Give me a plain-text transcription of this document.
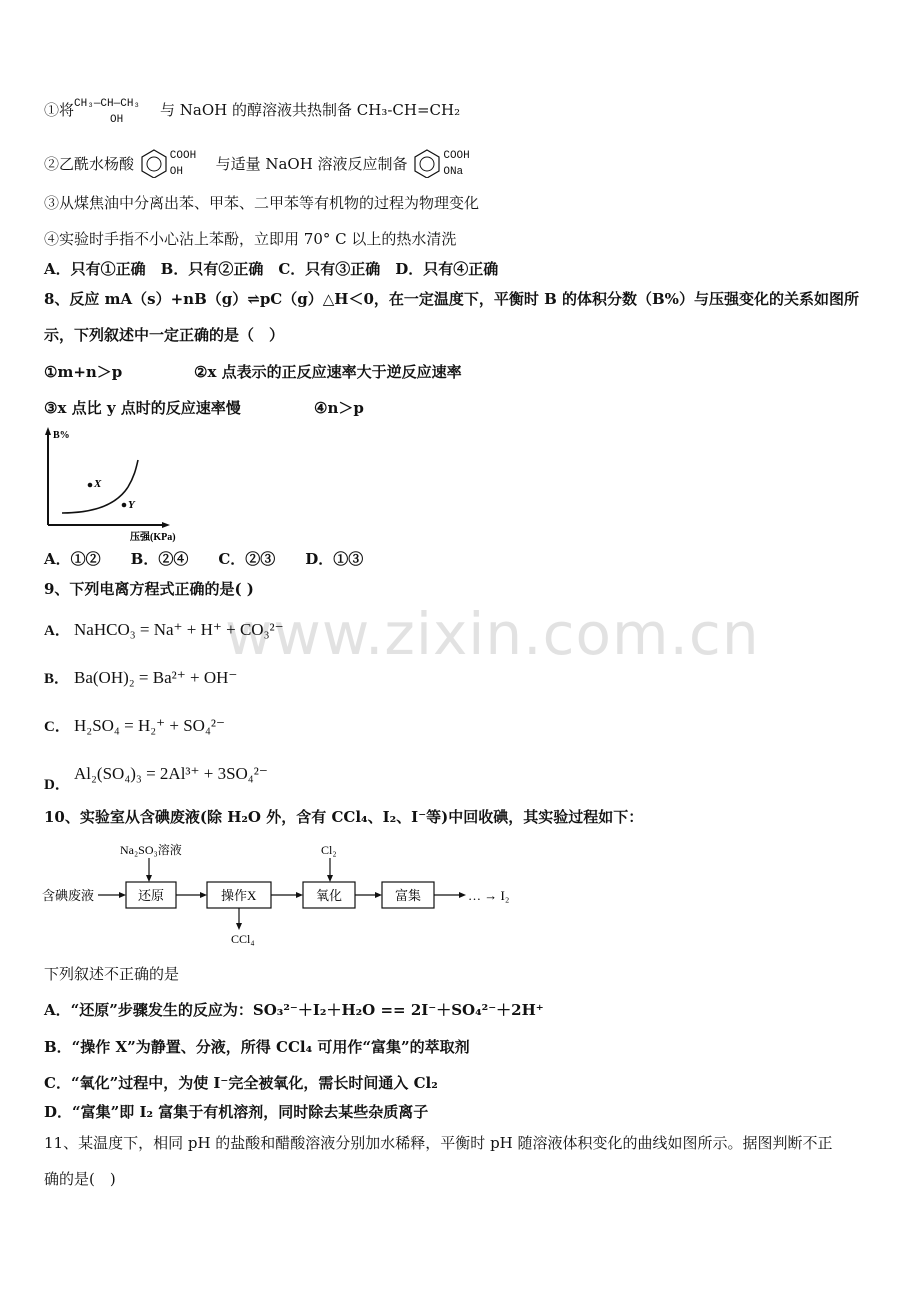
www.zixin.com.cn
①将 CH₃—CH—CH₃
OH
与 NaOH 的醇溶液共热制备 CH₃-CH=CH₂
②乙酰水杨酸	COOH
OH 与适量 NaOH 溶液反应制备	COOH
ONa
③从煤焦油中分离出苯、甲苯、二甲苯等有机物的过程为物理变化
④实验时手指不小心沾上苯酚，立即用 70° C 以上的热水清洗
A．只有①正确　B．只有②正确　C．只有③正确　D．只有④正确
8、反应 mA（s）+nB（g）⇌pC（g）△H＜0，在一定温度下，平衡时 B 的体积分数（B%）与压强变化的关系如图所
示，下列叙述中一定正确的是（　）
①m+n＞p	②x 点表示的正反应速率大于逆反应速率
③x 点比 y 点时的反应速率慢	④n＞p
B%
X
Y
压强(KPa)
A．①②　　B．②④　　C．②③　　D．①③
9、下列电离方程式正确的是( )
A． NaHCO₃ = Na⁺ + H⁺ + CO₃²⁻
B． Ba(OH)₂ = Ba²⁺ + OH⁻
C． H₂SO₄ = H₂⁺ + SO₄²⁻
D．Al₂(SO₄)₃ = 2Al³⁺ + 3SO₄²⁻
10、实验室从含碘废液(除 H₂O 外，含有 CCl₄、I₂、I⁻等)中回收碘，其实验过程如下：
含碘废液
Na₂SO₃溶液
还原	操作X
CCl₄
Cl₂
氧化	富集	… → I₂
下列叙述不正确的是
A．“还原”步骤发生的反应为：SO₃²⁻＋I₂＋H₂O == 2I⁻＋SO₄²⁻＋2H⁺
B．“操作 X”为静置、分液，所得 CCl₄ 可用作“富集”的萃取剂
C．“氧化”过程中，为使 I⁻完全被氧化，需长时间通入 Cl₂
D．“富集”即 I₂ 富集于有机溶剂，同时除去某些杂质离子
11、某温度下，相同 pH 的盐酸和醋酸溶液分别加水稀释，平衡时 pH 随溶液体积变化的曲线如图所示。据图判断不正
确的是(　)
